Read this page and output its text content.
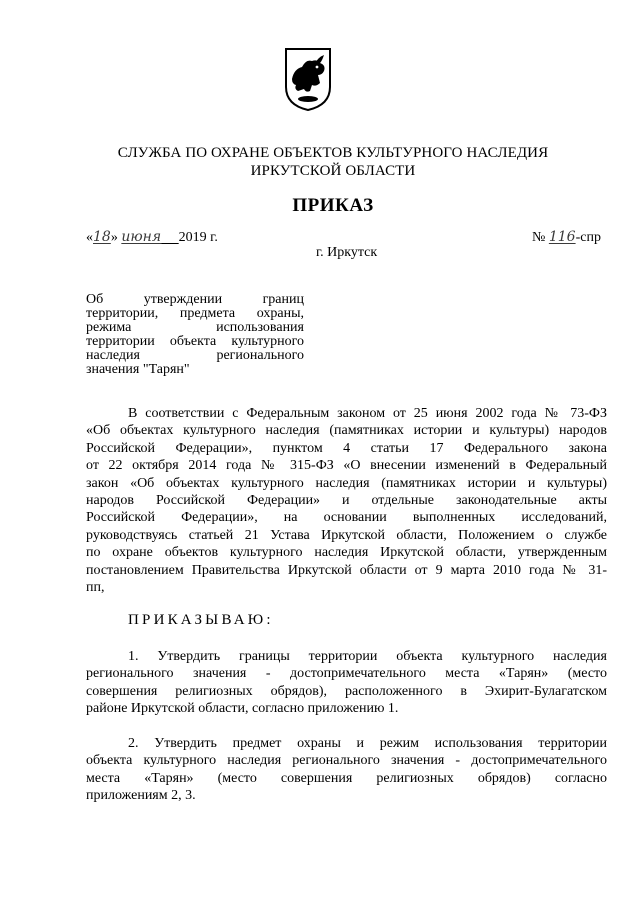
СЛУЖБА ПО ОХРАНЕ ОБЪЕКТОВ КУЛЬТУРНОГО НАСЛЕДИЯ
ИРКУТСКОЙ ОБЛАСТИ
ПРИКАЗ
«18» июня 2019 г.	№ 116-спр
г. Иркутск
Об утверждении границ
территории, предмета охраны,
режима использования
территории объекта культурного
наследия регионального
значения "Тарян"
В соответствии с Федеральным законом от 25 июня 2002 года № 73-ФЗ
«Об объектах культурного наследия (памятниках истории и культуры) народов
Российской Федерации», пунктом 4 статьи 17 Федерального закона
от 22 октября 2014 года № 315-ФЗ «О внесении изменений в Федеральный
закон «Об объектах культурного наследия (памятниках истории и культуры)
народов Российской Федерации» и отдельные законодательные акты
Российской Федерации», на основании выполненных исследований,
руководствуясь статьей 21 Устава Иркутской области, Положением о службе
по охране объектов культурного наследия Иркутской области, утвержденным
постановлением Правительства Иркутской области от 9 марта 2010 года № 31-
пп,
ПРИКАЗЫВАЮ:
1. Утвердить границы территории объекта культурного наследия
регионального значения - достопримечательного места «Тарян» (место
совершения религиозных обрядов), расположенного в Эхирит-Булагатском
районе Иркутской области, согласно приложению 1.
2. Утвердить предмет охраны и режим использования территории
объекта культурного наследия регионального значения - достопримечательного
места «Тарян» (место совершения религиозных обрядов) согласно
приложениям 2, 3.
